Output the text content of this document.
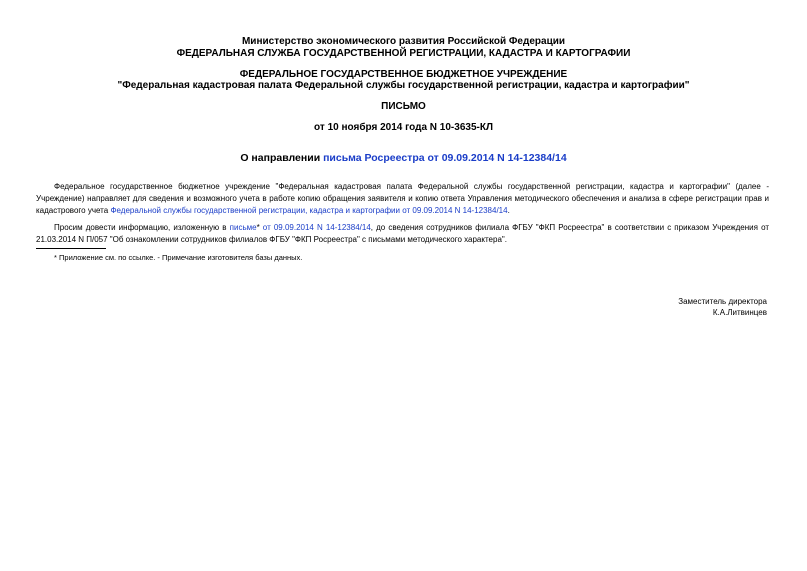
Министерство экономического развития Российской Федерации
ФЕДЕРАЛЬНАЯ СЛУЖБА ГОСУДАРСТВЕННОЙ РЕГИСТРАЦИИ, КАДАСТРА И КАРТОГРАФИИ
ФЕДЕРАЛЬНОЕ ГОСУДАРСТВЕННОЕ БЮДЖЕТНОЕ УЧРЕЖДЕНИЕ
"Федеральная кадастровая палата Федеральной службы государственной регистрации, кадастра и картографии"
ПИСЬМО
от 10 ноября 2014 года N 10-3635-КЛ
О направлении письма Росреестра от 09.09.2014 N 14-12384/14
Федеральное государственное бюджетное учреждение "Федеральная кадастровая палата Федеральной службы государственной регистрации, кадастра и картографии" (далее - Учреждение) направляет для сведения и возможного учета в работе копию обращения заявителя и копию ответа Управления методического обеспечения и анализа в сфере регистрации прав и кадастрового учета Федеральной службы государственной регистрации, кадастра и картографии от 09.09.2014 N 14-12384/14.
Просим довести информацию, изложенную в письме* от 09.09.2014 N 14-12384/14, до сведения сотрудников филиала ФГБУ "ФКП Росреестра" в соответствии с приказом Учреждения от 21.03.2014 N П/057 "Об ознакомлении сотрудников филиалов ФГБУ "ФКП Росреестра" с письмами методического характера".
* Приложение см. по ссылке. - Примечание изготовителя базы данных.
Заместитель директора
К.А.Литвинцев
